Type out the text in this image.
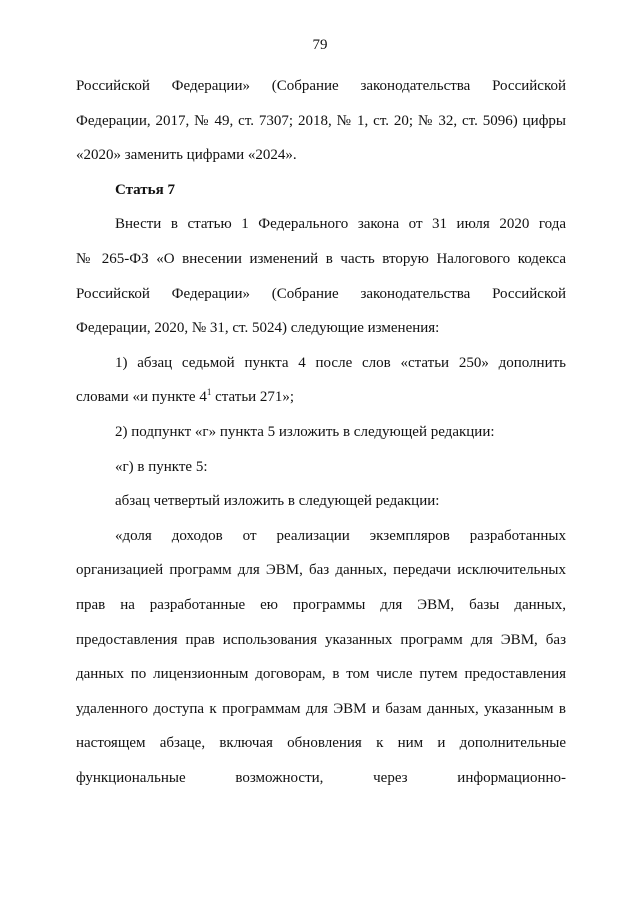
79
Российской Федерации» (Собрание законодательства Российской
Федерации, 2017, № 49, ст. 7307; 2018, № 1, ст. 20; № 32, ст. 5096) цифры
«2020» заменить цифрами «2024».
Статья 7
Внести в статью 1 Федерального закона от 31 июля 2020 года
№ 265-ФЗ «О внесении изменений в часть вторую Налогового кодекса
Российской Федерации» (Собрание законодательства Российской
Федерации, 2020, № 31, ст. 5024) следующие изменения:
1) абзац седьмой пункта 4 после слов «статьи 250» дополнить
словами «и пункте $4^1$ статьи 271»;
2) подпункт «г» пункта 5 изложить в следующей редакции:
«г) в пункте 5:
абзац четвертый изложить в следующей редакции:
«доля доходов от реализации экземпляров разработанных
организацией программ для ЭВМ, баз данных, передачи исключительных
прав на разработанные ею программы для ЭВМ, базы данных,
предоставления прав использования указанных программ для ЭВМ, баз
данных по лицензионным договорам, в том числе путем предоставления
удаленного доступа к программам для ЭВМ и базам данных, указанным в
настоящем абзаце, включая обновления к ним и дополнительные
функциональные возможности, через информационно-
